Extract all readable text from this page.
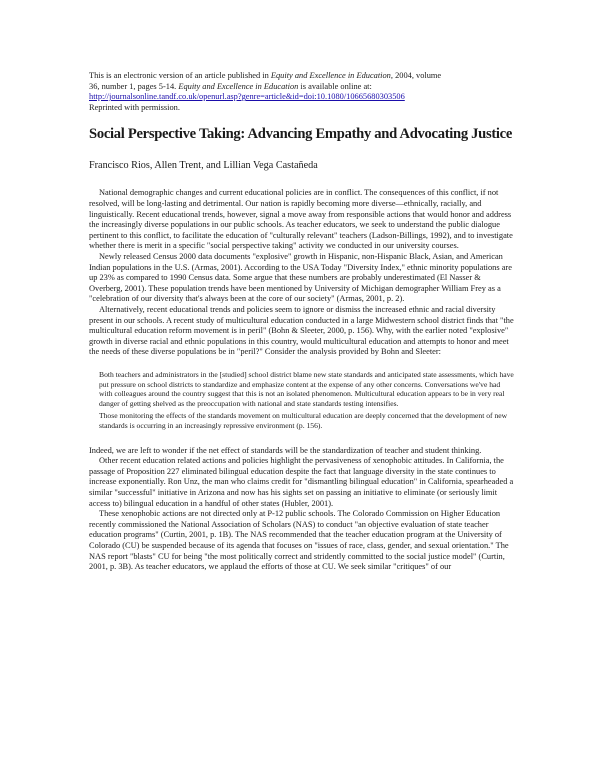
This is an electronic version of an article published in Equity and Excellence in Education, 2004, volume
36, number 1, pages 5-14. Equity and Excellence in Education is available online at:
http://journalsonline.tandf.co.uk/openurl.asp?genre=article&id=doi:10.1080/10665680303506
Reprinted with permission.
Social Perspective Taking: Advancing Empathy and Advocating Justice
Francisco Rios, Allen Trent, and Lillian Vega Castañeda

National demographic changes and current educational policies are in conflict. The consequences of this conflict, if not resolved, will be long-lasting and detrimental. Our nation is rapidly becoming more diverse—ethnically, racially, and linguistically. Recent educational trends, however, signal a move away from responsible actions that would honor and address the increasingly diverse populations in our public schools. As teacher educators, we seek to understand the public dialogue pertinent to this conflict, to facilitate the education of "culturally relevant" teachers (Ladson-Billings, 1992), and to investigate whether there is merit in a specific "social perspective taking" activity we conducted in our university courses.

Newly released Census 2000 data documents "explosive" growth in Hispanic, non-Hispanic Black, Asian, and American Indian populations in the U.S. (Armas, 2001). According to the USA Today "Diversity Index," ethnic minority populations are up 23% as compared to 1990 Census data. Some argue that these numbers are probably underestimated (El Nasser & Overberg, 2001). These population trends have been mentioned by University of Michigan demographer William Frey as a "celebration of our diversity that's always been at the core of our society" (Armas, 2001, p. 2).

Alternatively, recent educational trends and policies seem to ignore or dismiss the increased ethnic and racial diversity present in our schools. A recent study of multicultural education conducted in a large Midwestern school district finds that "the multicultural education reform movement is in peril" (Bohn & Sleeter, 2000, p. 156). Why, with the earlier noted "explosive" growth in diverse racial and ethnic populations in this country, would multicultural education and attempts to honor and meet the needs of these diverse populations be in "peril?" Consider the analysis provided by Bohn and Sleeter:

Both teachers and administrators in the [studied] school district blame new state standards and anticipated state assessments, which have put pressure on school districts to standardize and emphasize content at the expense of any other concerns. Conversations we've had with colleagues around the country suggest that this is not an isolated phenomenon. Multicultural education appears to be in very real danger of getting shelved as the preoccupation with national and state standards testing intensifies.

Those monitoring the effects of the standards movement on multicultural education are deeply concerned that the development of new standards is occurring in an increasingly repressive environment (p. 156).

Indeed, we are left to wonder if the net effect of standards will be the standardization of teacher and student thinking.

Other recent education related actions and policies highlight the pervasiveness of xenophobic attitudes. In California, the passage of Proposition 227 eliminated bilingual education despite the fact that language diversity in the state continues to increase exponentially. Ron Unz, the man who claims credit for "dismantling bilingual education" in California, spearheaded a similar "successful" initiative in Arizona and now has his sights set on passing an initiative to eliminate (or seriously limit access to) bilingual education in a handful of other states (Hubler, 2001).

These xenophobic actions are not directed only at P-12 public schools. The Colorado Commission on Higher Education recently commissioned the National Association of Scholars (NAS) to conduct "an objective evaluation of state teacher education programs" (Curtin, 2001, p. 1B). The NAS recommended that the teacher education program at the University of Colorado (CU) be suspended because of its agenda that focuses on "issues of race, class, gender, and sexual orientation." The NAS report "blasts" CU for being "the most politically correct and stridently committed to the social justice model" (Curtin, 2001, p. 3B). As teacher educators, we applaud the efforts of those at CU. We seek similar "critiques" of our
